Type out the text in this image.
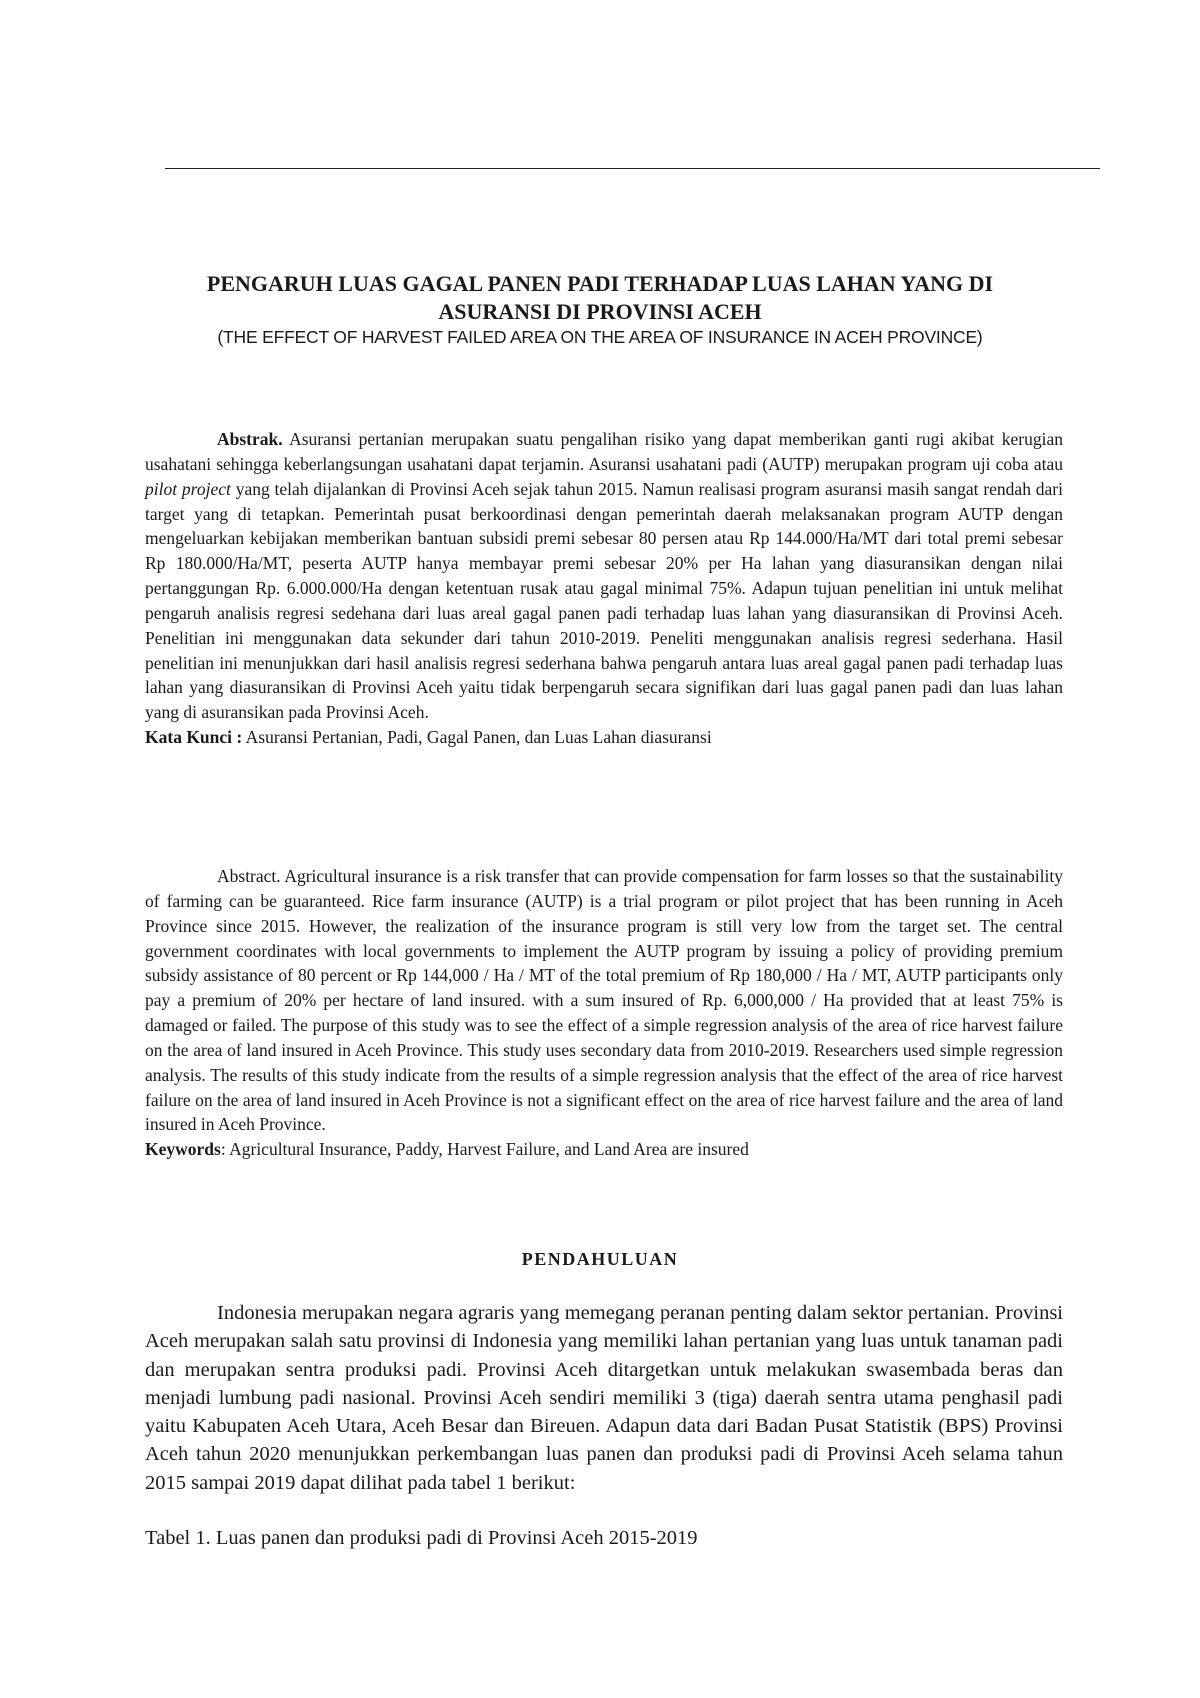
PENGARUH LUAS GAGAL PANEN PADI TERHADAP LUAS LAHAN YANG DI
ASURANSI DI PROVINSI ACEH
(THE EFFECT OF HARVEST FAILED AREA ON THE AREA OF INSURANCE IN ACEH PROVINCE)

Abstrak. Asuransi pertanian merupakan suatu pengalihan risiko yang dapat memberikan ganti rugi akibat kerugian usahatani sehingga keberlangsungan usahatani dapat terjamin. Asuransi usahatani padi (AUTP) merupakan program uji coba atau pilot project yang telah dijalankan di Provinsi Aceh sejak tahun 2015. Namun realisasi program asuransi masih sangat rendah dari target yang di tetapkan. Pemerintah pusat berkoordinasi dengan pemerintah daerah melaksanakan program AUTP dengan mengeluarkan kebijakan memberikan bantuan subsidi premi sebesar 80 persen atau Rp 144.000/Ha/MT dari total premi sebesar Rp 180.000/Ha/MT, peserta AUTP hanya membayar premi sebesar 20% per Ha lahan yang diasuransikan dengan nilai pertanggungan Rp. 6.000.000/Ha dengan ketentuan rusak atau gagal minimal 75%. Adapun tujuan penelitian ini untuk melihat pengaruh analisis regresi sedehana dari luas areal gagal panen padi terhadap luas lahan yang diasuransikan di Provinsi Aceh. Penelitian ini menggunakan data sekunder dari tahun 2010-2019. Peneliti menggunakan analisis regresi sederhana. Hasil penelitian ini menunjukkan dari hasil analisis regresi sederhana bahwa pengaruh antara luas areal gagal panen padi terhadap luas lahan yang diasuransikan di Provinsi Aceh yaitu tidak berpengaruh secara signifikan dari luas gagal panen padi dan luas lahan yang di asuransikan pada Provinsi Aceh.

Kata Kunci : Asuransi Pertanian, Padi, Gagal Panen, dan Luas Lahan diasuransi

Abstract. Agricultural insurance is a risk transfer that can provide compensation for farm losses so that the sustainability of farming can be guaranteed. Rice farm insurance (AUTP) is a trial program or pilot project that has been running in Aceh Province since 2015. However, the realization of the insurance program is still very low from the target set. The central government coordinates with local governments to implement the AUTP program by issuing a policy of providing premium subsidy assistance of 80 percent or Rp 144,000 / Ha / MT of the total premium of Rp 180,000 / Ha / MT, AUTP participants only pay a premium of 20% per hectare of land insured. with a sum insured of Rp. 6,000,000 / Ha provided that at least 75% is damaged or failed. The purpose of this study was to see the effect of a simple regression analysis of the area of rice harvest failure on the area of land insured in Aceh Province. This study uses secondary data from 2010-2019. Researchers used simple regression analysis. The results of this study indicate from the results of a simple regression analysis that the effect of the area of rice harvest failure on the area of land insured in Aceh Province is not a significant effect on the area of rice harvest failure and the area of land insured in Aceh Province.

Keywords: Agricultural Insurance, Paddy, Harvest Failure, and Land Area are insured

PENDAHULUAN

Indonesia merupakan negara agraris yang memegang peranan penting dalam sektor pertanian. Provinsi Aceh merupakan salah satu provinsi di Indonesia yang memiliki lahan pertanian yang luas untuk tanaman padi dan merupakan sentra produksi padi. Provinsi Aceh ditargetkan untuk melakukan swasembada beras dan menjadi lumbung padi nasional. Provinsi Aceh sendiri memiliki 3 (tiga) daerah sentra utama penghasil padi yaitu Kabupaten Aceh Utara, Aceh Besar dan Bireuen. Adapun data dari Badan Pusat Statistik (BPS) Provinsi Aceh tahun 2020 menunjukkan perkembangan luas panen dan produksi padi di Provinsi Aceh selama tahun 2015 sampai 2019 dapat dilihat pada tabel 1 berikut:

Tabel 1. Luas panen dan produksi padi di Provinsi Aceh 2015-2019
